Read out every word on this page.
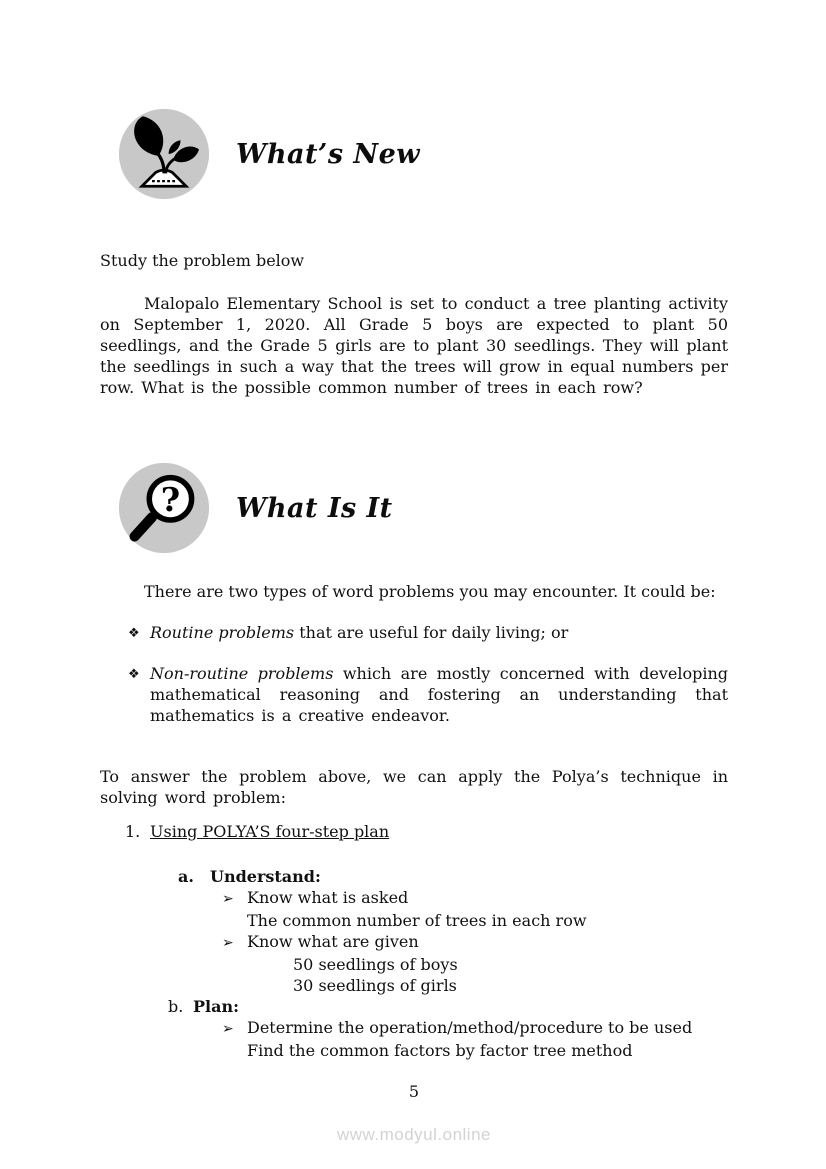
What’s New
Study the problem below
Malopalo Elementary School is set to conduct a tree planting activity on September 1, 2020. All Grade 5 boys are expected to plant 50 seedlings, and the Grade 5 girls are to plant 30 seedlings. They will plant the seedlings in such a way that the trees will grow in equal numbers per row. What is the possible common number of trees in each row?
? What Is It
There are two types of word problems you may encounter. It could be:
❖ Routine problems that are useful for daily living; or
❖ Non-routine problems which are mostly concerned with developing mathematical reasoning and fostering an understanding that mathematics is a creative endeavor.
To answer the problem above, we can apply the Polya’s technique in solving word problem:
1. Using POLYA’S four-step plan
a. Understand:
➢ Know what is asked
The common number of trees in each row
➢ Know what are given
50 seedlings of boys
30 seedlings of girls
b. Plan:
➢ Determine the operation/method/procedure to be used
Find the common factors by factor tree method
5
www.modyul.online
